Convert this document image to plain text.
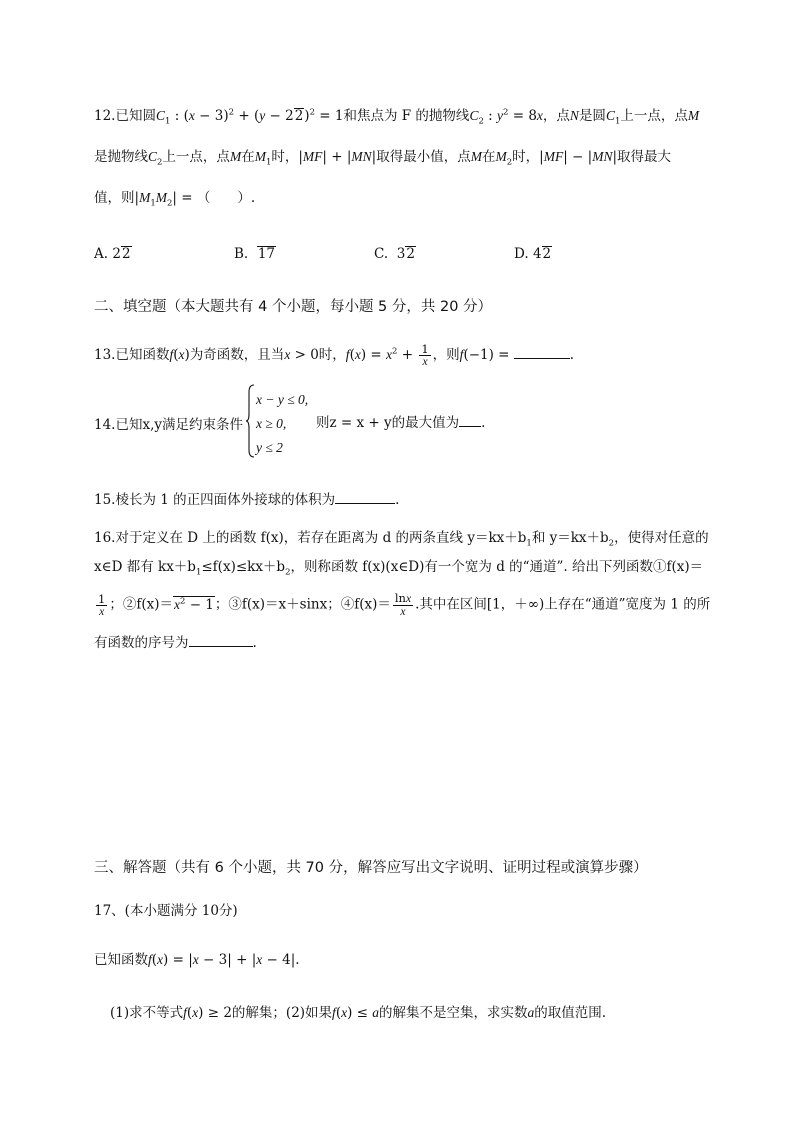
12.已知圆$C_1$ : $(x - 3)^2 + (y - 22)^2 = 1$和焦点为 F 的抛物线$C_2$ : $y^2 = 8x$，点N是圆$C_1$上一点，点M
是抛物线$C_2$上一点，点M在$M_1$时，|MF| + |MN|取得最小值，点M在$M_2$时，|MF| − |MN|取得最大
值，则$|M_1M_2|$ = （　　）.
A. 22	B. 17	C. 32	D. 42
二、填空题（本大题共有 4 个小题，每小题 5 分，共 20 分）
13.已知函数f(x)为奇函数，且当x > 0时，$f(x) = x^2 + \frac{1}{x}$ ，则f(−1) =	.
14.已知x,y满足约束条件
x − y ≤ 0,
x ≥ 0,
y ≤ 2
则z = x + y的最大值为 .
15.棱长为 1 的正四面体外接球的体积为	.
16.对于定义在 D 上的函数 f(x)，若存在距离为 d 的两条直线 $y=kx+b_1$和 $y=kx+b_2$，使得对任意的
x∈D 都有 $kx+b_1\le f(x)\le kx+b_2$，则称函数 f(x)(x∈D)有一个宽为 d 的“通道”. 给出下列函数①f(x)＝
$\frac{1}{x}$ ；$②f(x)=x^2 - 1$；③f(x)＝x＋sinx；④f(x)＝ $\frac{\ln x}{x}$ .其中在区间[1，＋∞)上存在“通道”宽度为 1 的所
有函数的序号为	.
三、解答题（共有 6 个小题，共 70 分，解答应写出文字说明、证明过程或演算步骤）
17、(本小题满分 10分)
已知函数f(x) = |x − 3| + |x − 4|.
(1)求不等式f(x) ≥ 2的解集；(2)如果f(x) ≤ a的解集不是空集，求实数a的取值范围.
